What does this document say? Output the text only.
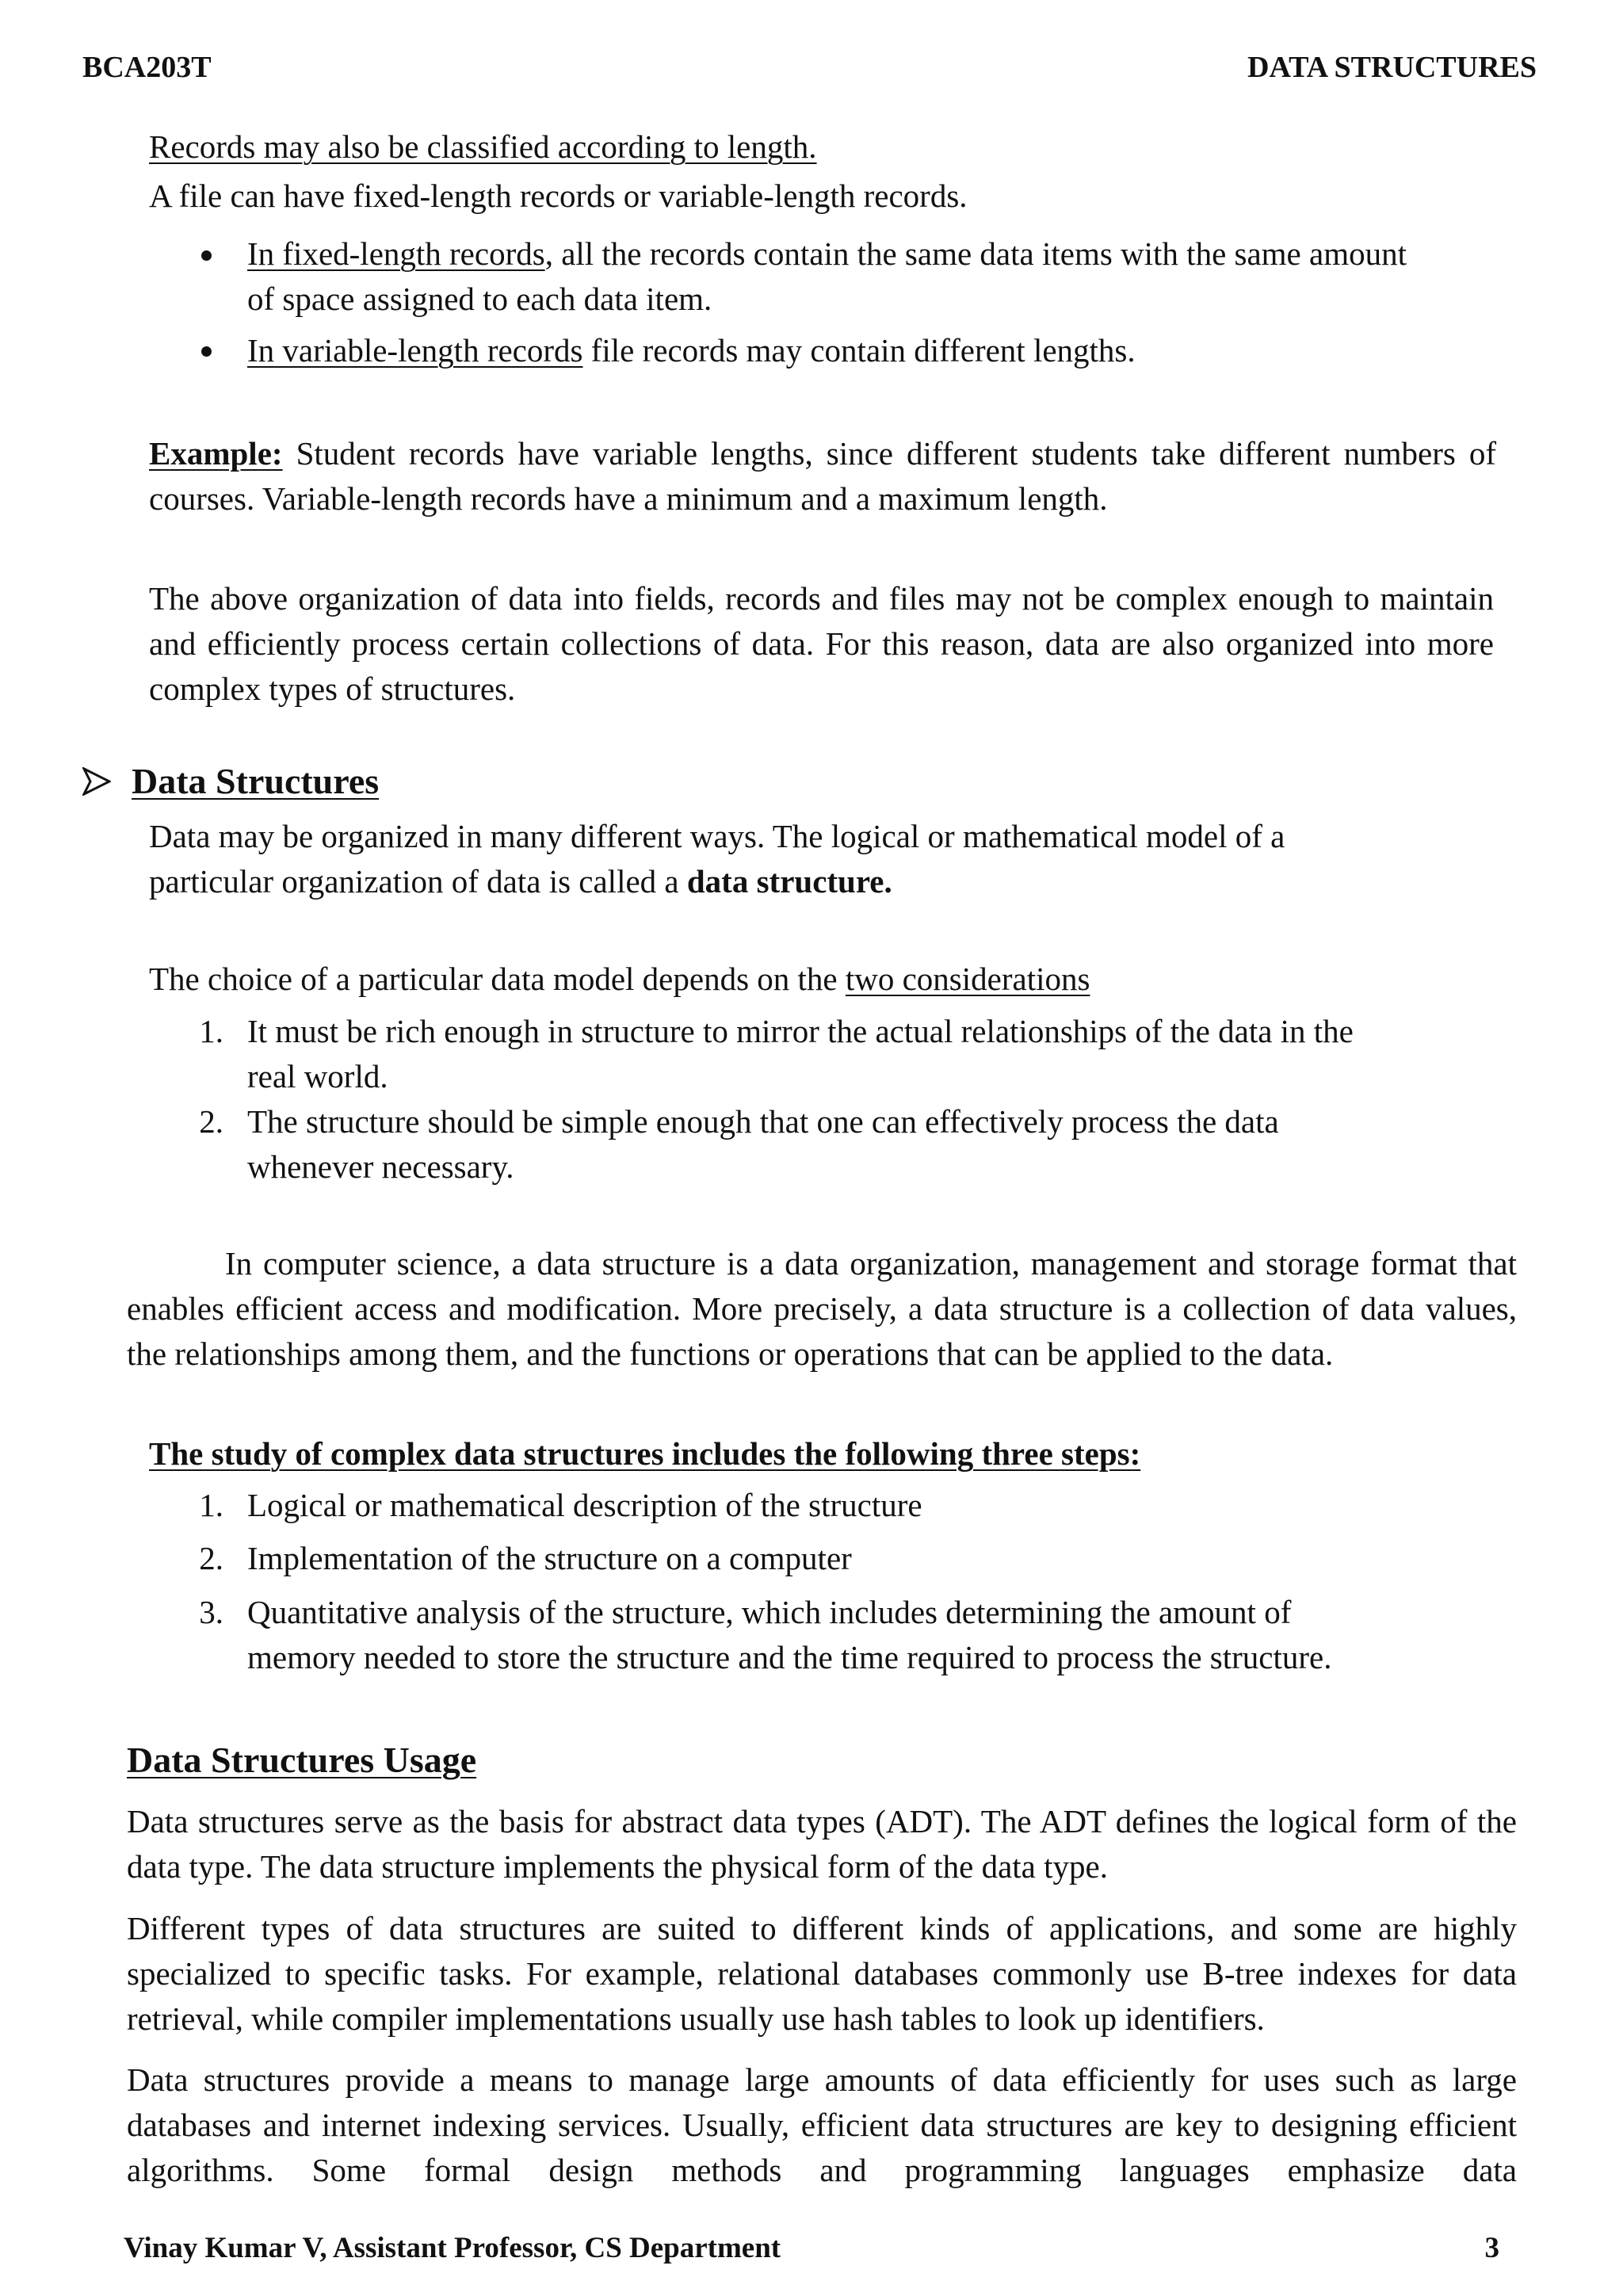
BCA203T	DATA STRUCTURES
Records may also be classified according to length.
A file can have fixed-length records or variable-length records.
In fixed-length records, all the records contain the same data items with the same amount
of space assigned to each data item.
In variable-length records file records may contain different lengths.
Example: Student records have variable lengths, since different students take different numbers of courses. Variable-length records have a minimum and a maximum length.
The above organization of data into fields, records and files may not be complex enough to maintain and efficiently process certain collections of data. For this reason, data are also organized into more complex types of structures.
Data Structures
Data may be organized in many different ways. The logical or mathematical model of a
particular organization of data is called a data structure.
The choice of a particular data model depends on the two considerations
1. It must be rich enough in structure to mirror the actual relationships of the data in the
real world.
2. The structure should be simple enough that one can effectively process the data
whenever necessary.
In computer science, a data structure is a data organization, management and storage format that enables efficient access and modification. More precisely, a data structure is a collection of data values, the relationships among them, and the functions or operations that can be applied to the data.
The study of complex data structures includes the following three steps:
1. Logical or mathematical description of the structure
2. Implementation of the structure on a computer
3. Quantitative analysis of the structure, which includes determining the amount of
memory needed to store the structure and the time required to process the structure.
Data Structures Usage
Data structures serve as the basis for abstract data types (ADT). The ADT defines the logical form of the data type. The data structure implements the physical form of the data type.
Different types of data structures are suited to different kinds of applications, and some are highly specialized to specific tasks. For example, relational databases commonly use B-tree indexes for data retrieval, while compiler implementations usually use hash tables to look up identifiers.
Data structures provide a means to manage large amounts of data efficiently for uses such as large databases and internet indexing services. Usually, efficient data structures are key to designing efficient algorithms. Some formal design methods and programming languages emphasize data
Vinay Kumar V, Assistant Professor, CS Department	3
